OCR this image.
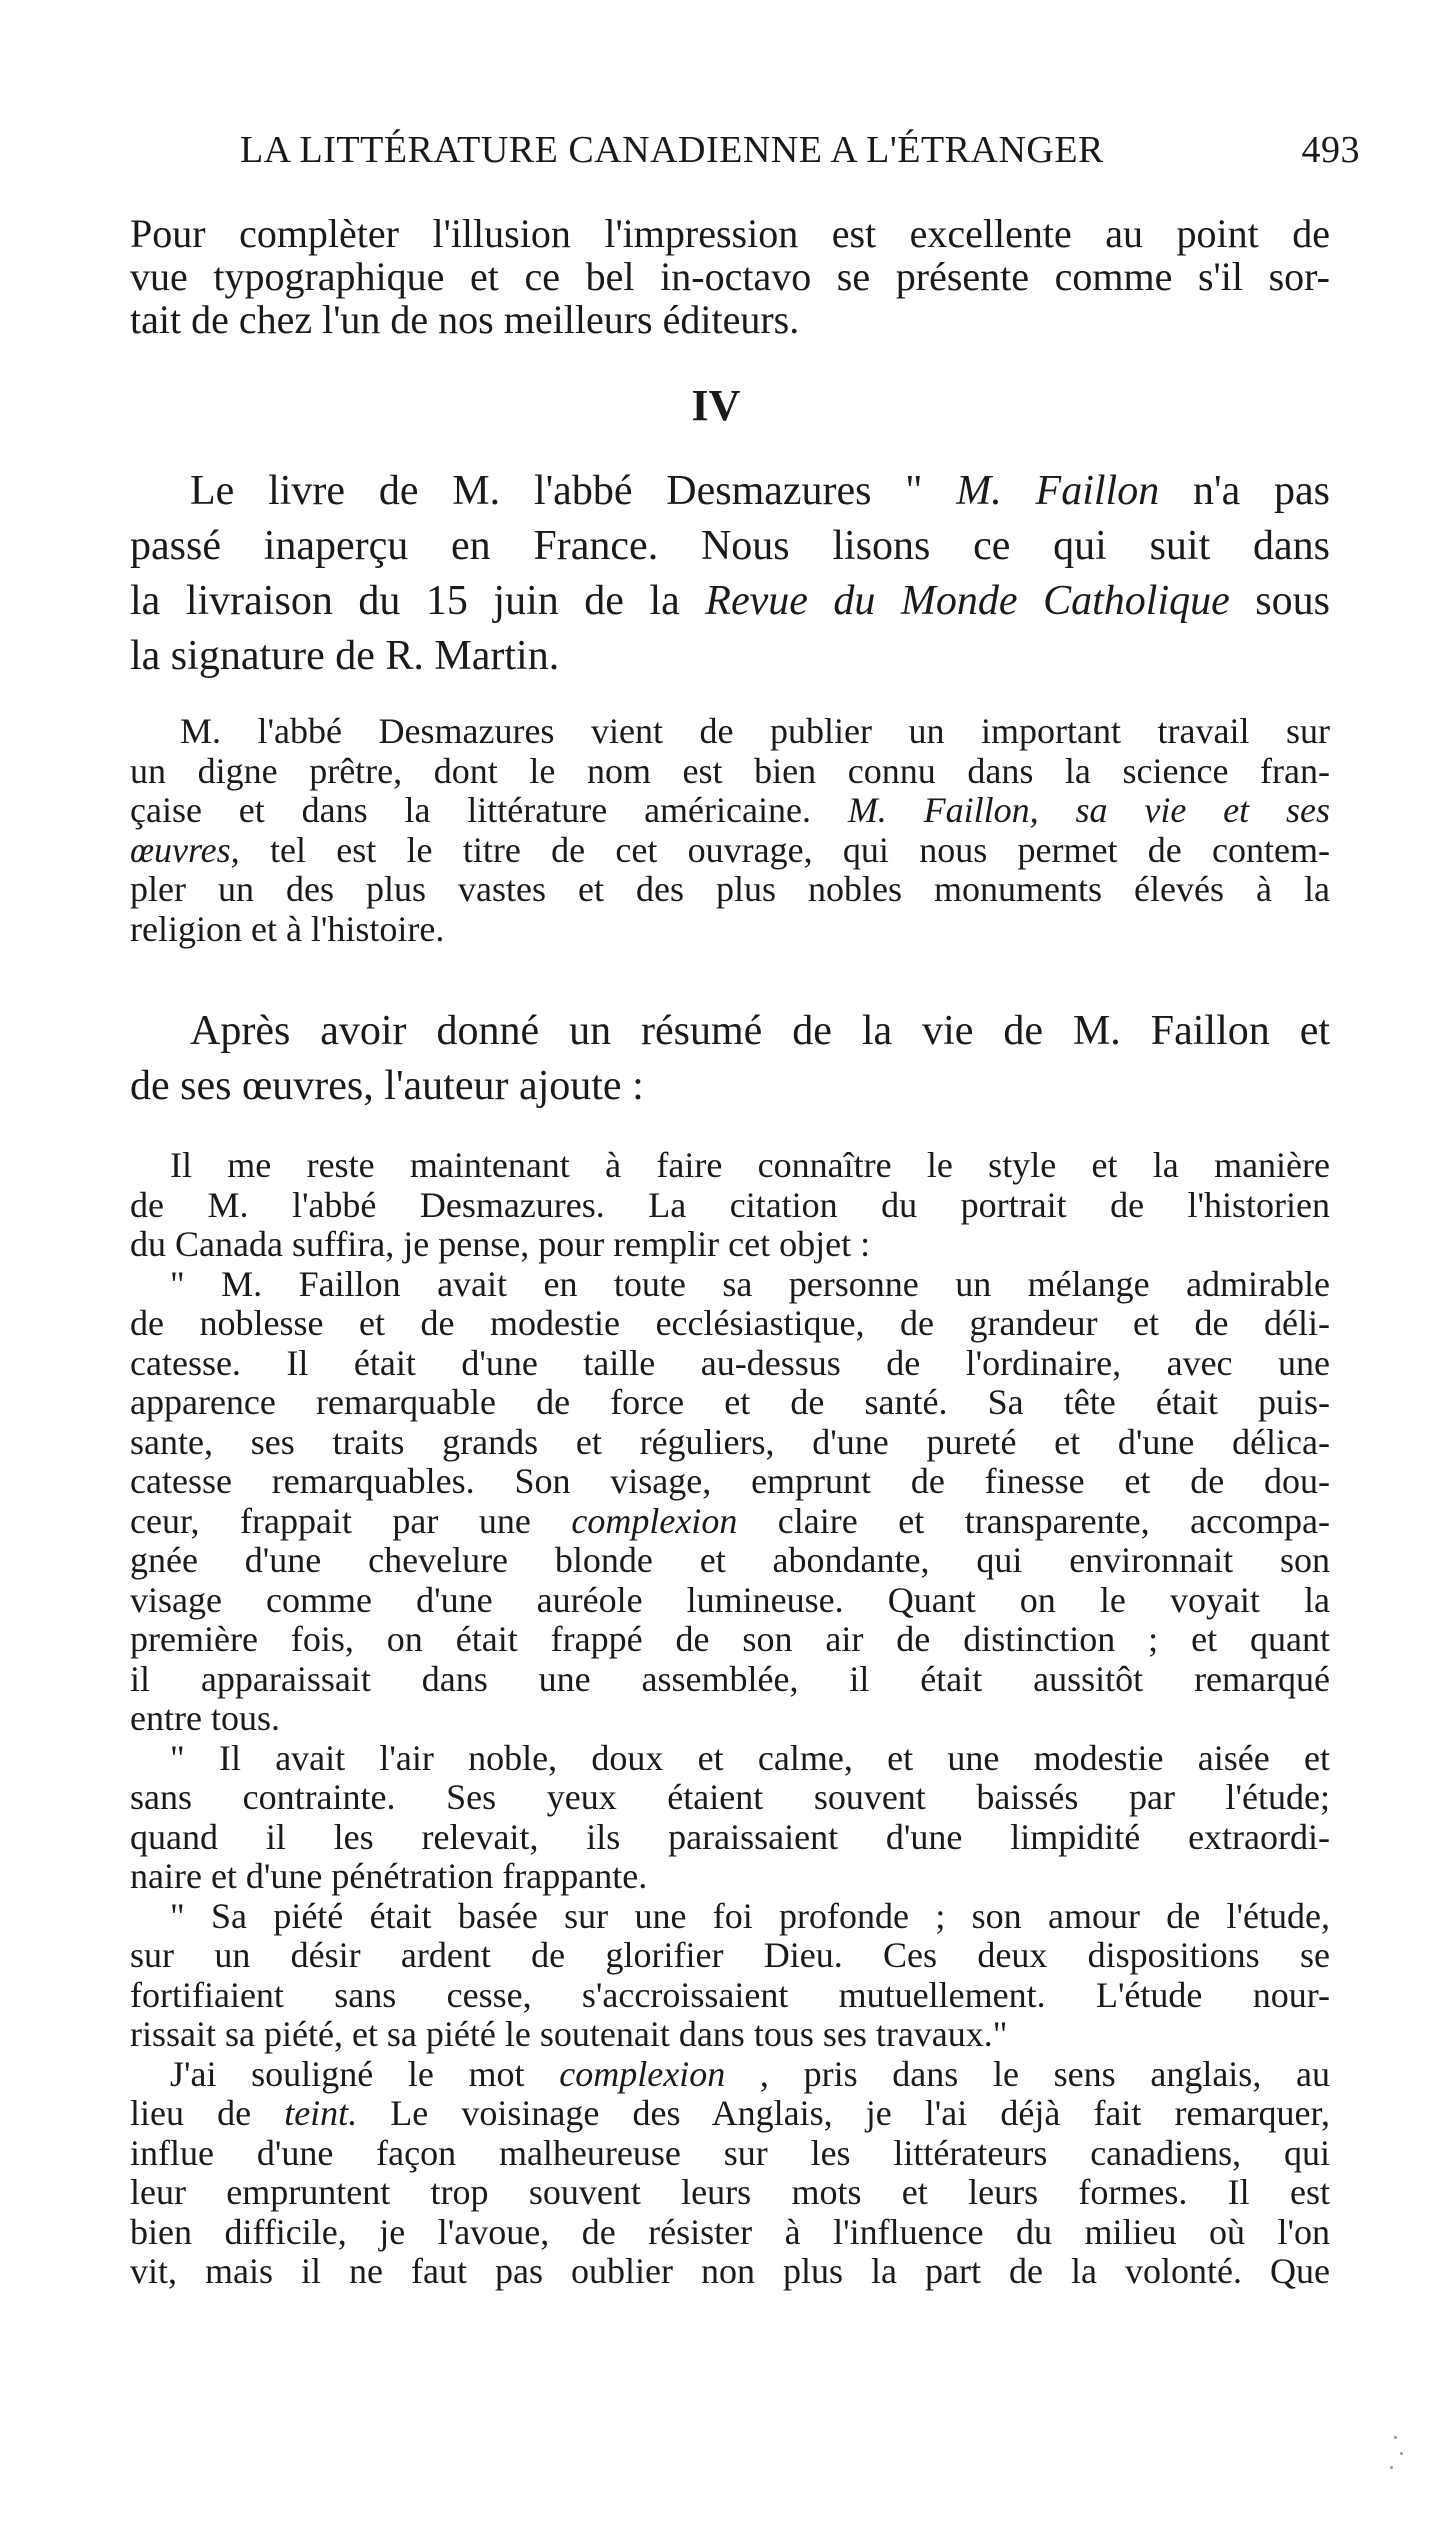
LA LITTÉRATURE CANADIENNE A L'ÉTRANGER	493
Pour complèter l'illusion l'impression est excellente au point de
vue typographique et ce bel in-octavo se présente comme s'il sor-
tait de chez l'un de nos meilleurs éditeurs.
IV
Le livre de M. l'abbé Desmazures " M. Faillon n'a pas
passé inaperçu en France. Nous lisons ce qui suit dans
la livraison du 15 juin de la Revue du Monde Catholique sous
la signature de R. Martin.
M. l'abbé Desmazures vient de publier un important travail sur
un digne prêtre, dont le nom est bien connu dans la science fran-
çaise et dans la littérature américaine. M. Faillon, sa vie et ses
œuvres, tel est le titre de cet ouvrage, qui nous permet de contem-
pler un des plus vastes et des plus nobles monuments élevés à la
religion et à l'histoire.
Après avoir donné un résumé de la vie de M. Faillon et
de ses œuvres, l'auteur ajoute :
Il me reste maintenant à faire connaître le style et la manière
de M. l'abbé Desmazures. La citation du portrait de l'historien
du Canada suffira, je pense, pour remplir cet objet :
" M. Faillon avait en toute sa personne un mélange admirable
de noblesse et de modestie ecclésiastique, de grandeur et de déli-
catesse. Il était d'une taille au-dessus de l'ordinaire, avec une
apparence remarquable de force et de santé. Sa tête était puis-
sante, ses traits grands et réguliers, d'une pureté et d'une délica-
catesse remarquables. Son visage, emprunt de finesse et de dou-
ceur, frappait par une complexion claire et transparente, accompa-
gnée d'une chevelure blonde et abondante, qui environnait son
visage comme d'une auréole lumineuse. Quant on le voyait la
première fois, on était frappé de son air de distinction ; et quant
il apparaissait dans une assemblée, il était aussitôt remarqué
entre tous.
" Il avait l'air noble, doux et calme, et une modestie aisée et
sans contrainte. Ses yeux étaient souvent baissés par l'étude;
quand il les relevait, ils paraissaient d'une limpidité extraordi-
naire et d'une pénétration frappante.
" Sa piété était basée sur une foi profonde ; son amour de l'étude,
sur un désir ardent de glorifier Dieu. Ces deux dispositions se
fortifiaient sans cesse, s'accroissaient mutuellement. L'étude nour-
rissait sa piété, et sa piété le soutenait dans tous ses travaux."
J'ai souligné le mot complexion , pris dans le sens anglais, au
lieu de teint. Le voisinage des Anglais, je l'ai déjà fait remarquer,
influe d'une façon malheureuse sur les littérateurs canadiens, qui
leur empruntent trop souvent leurs mots et leurs formes. Il est
bien difficile, je l'avoue, de résister à l'influence du milieu où l'on
vit, mais il ne faut pas oublier non plus la part de la volonté. Que
